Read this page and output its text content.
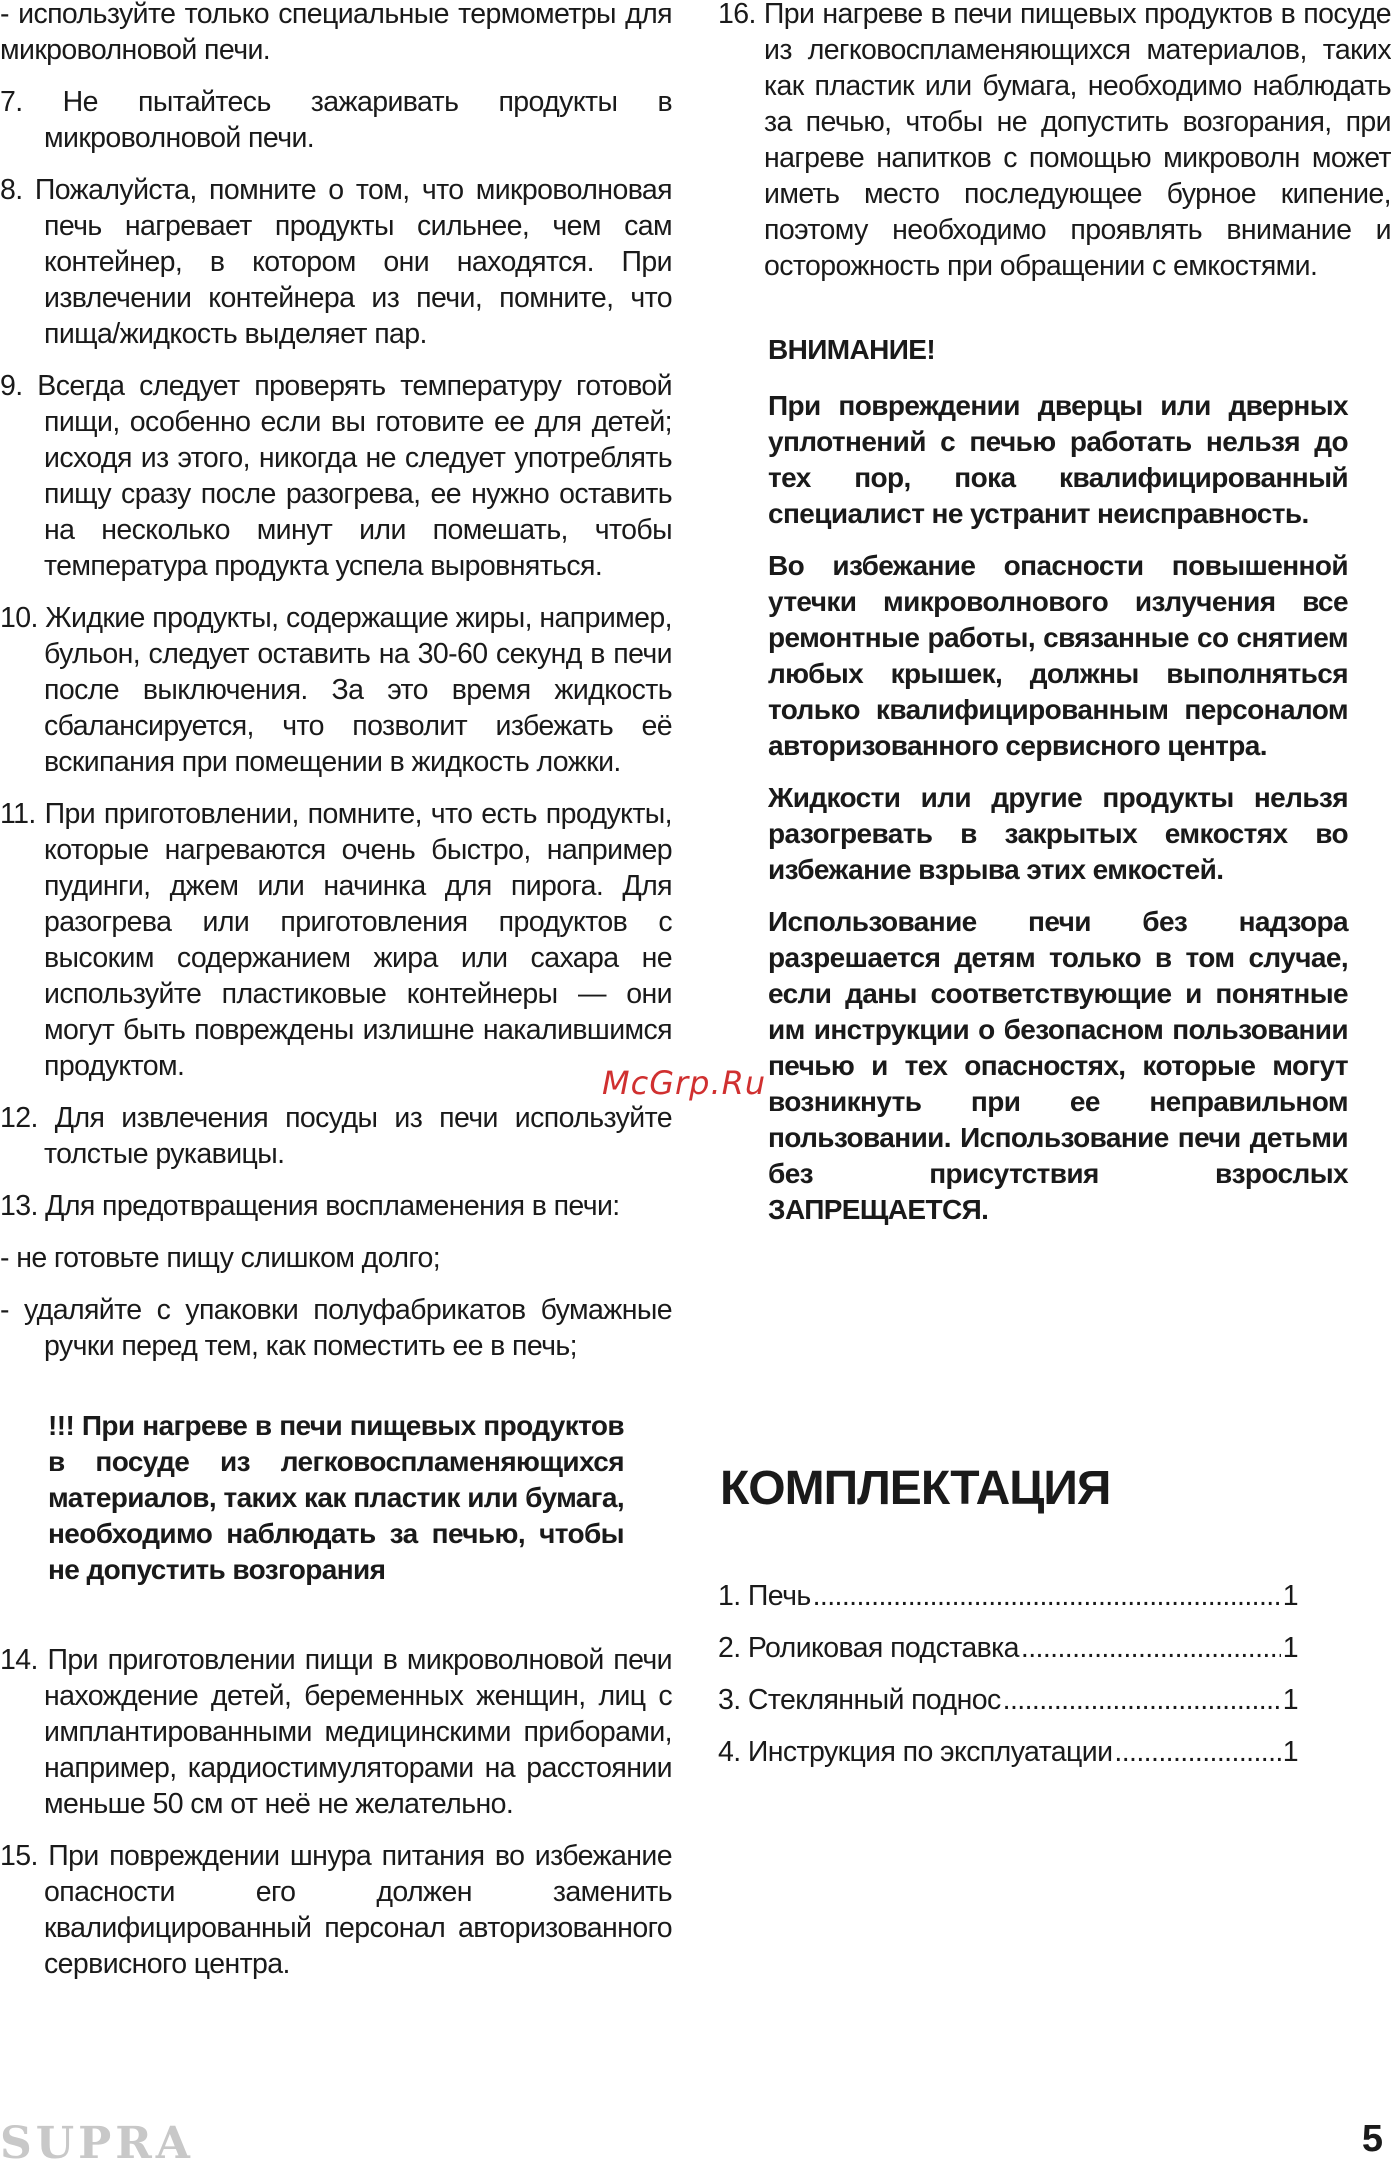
- используйте только специальные термометры для микроволновой печи.

7. Не пытайтесь зажаривать продукты в микроволновой печи.

8. Пожалуйста, помните о том, что микроволновая печь нагревает продукты сильнее, чем сам контейнер, в котором они находятся. При извлечении контейнера из печи, помните, что пища/жидкость выделяет пар.

9. Всегда следует проверять температуру готовой пищи, особенно если вы готовите ее для детей; исходя из этого, никогда не следует употреблять пищу сразу после разогрева, ее нужно оставить на несколько минут или помешать, чтобы температура продукта успела выровняться.

10. Жидкие продукты, содержащие жиры, например, бульон, следует оставить на 30-60 секунд в печи после выключения. За это время жидкость сбалансируется, что позволит избежать её вскипания при помещении в жидкость ложки.

11. При приготовлении, помните, что есть продукты, которые нагреваются очень быстро, например пудинги, джем или начинка для пирога. Для разогрева или приготовления продуктов с высоким содержанием жира или сахара не используйте пластиковые контейнеры — они могут быть повреждены излишне накалившимся продуктом.

12. Для извлечения посуды из печи используйте толстые рукавицы.

13. Для предотвращения воспламенения в печи:

- не готовьте пищу слишком долго;

- удаляйте с упаковки полуфабрикатов бумажные ручки перед тем, как поместить ее в печь;

!!! При нагреве в печи пищевых продуктов в посуде из легковоспламеняющихся материалов, таких как пластик или бумага, необходимо наблюдать за печью, чтобы не допустить возгорания

14. При приготовлении пищи в микроволновой печи нахождение детей, беременных женщин, лиц с имплантированными медицинскими приборами, например, кардиостимуляторами на расстоянии меньше 50 см от неё не желательно.

15. При повреждении шнура питания во избежание опасности его должен заменить квалифицированный персонал авторизованного сервисного центра.

16. При нагреве в печи пищевых продуктов в посуде из легковоспламеняющихся материалов, таких как пластик или бумага, необходимо наблюдать за печью, чтобы не допустить возгорания, при нагреве напитков с помощью микроволн может иметь место последующее бурное кипение, поэтому необходимо проявлять внимание и осторожность при обращении с емкостями.

ВНИМАНИЕ!

При повреждении дверцы или дверных уплотнений с печью работать нельзя до тех пор, пока квалифицированный специалист не устранит неисправность.

Во избежание опасности повышенной утечки микроволнового излучения все ремонтные работы, связанные со снятием любых крышек, должны выполняться только квалифицированным персоналом авторизованного сервисного центра.

Жидкости или другие продукты нельзя разогревать в закрытых емкостях во избежание взрыва этих емкостей.

Использование печи без надзора разрешается детям только в том случае, если даны соответствующие и понятные им инструкции о безопасном пользовании печью и тех опасностях, которые могут возникнуть при ее неправильном пользовании. Использование печи детьми без присутствия взрослых ЗАПРЕЩАЕТСЯ.

КОМПЛЕКТАЦИЯ
1. Печь .....	1
2. Роликовая подставка .....	1
3. Стеклянный поднос .....	1
4. Инструкция по эксплуатации .....	1
McGrp.Ru
SUPRA	5
